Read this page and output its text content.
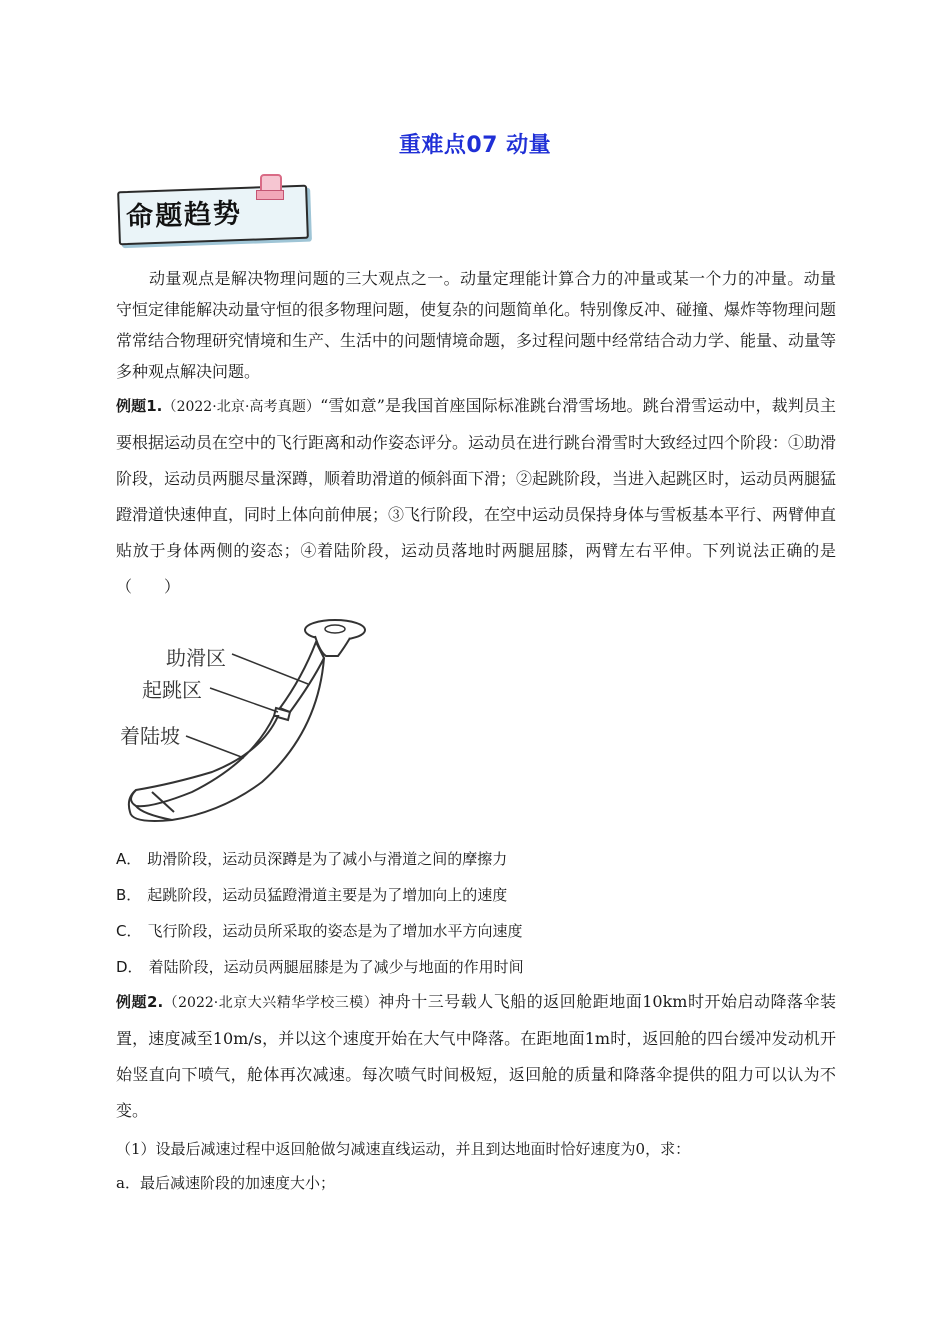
重难点07 动量
命题趋势
动量观点是解决物理问题的三大观点之一。动量定理能计算合力的冲量或某一个力的冲量。动量守恒定律能解决动量守恒的很多物理问题，使复杂的问题简单化。特别像反冲、碰撞、爆炸等物理问题常常结合物理研究情境和生产、生活中的问题情境命题，多过程问题中经常结合动力学、能量、动量等多种观点解决问题。
例题1.（2022·北京·高考真题）“雪如意”是我国首座国际标准跳台滑雪场地。跳台滑雪运动中，裁判员主要根据运动员在空中的飞行距离和动作姿态评分。运动员在进行跳台滑雪时大致经过四个阶段：①助滑阶段，运动员两腿尽量深蹲，顺着助滑道的倾斜面下滑；②起跳阶段，当进入起跳区时，运动员两腿猛蹬滑道快速伸直，同时上体向前伸展；③飞行阶段，在空中运动员保持身体与雪板基本平行、两臂伸直贴放于身体两侧的姿态；④着陆阶段，运动员落地时两腿屈膝，两臂左右平伸。下列说法正确的是（　　）
助滑区
起跳区
着陆坡
A． 助滑阶段，运动员深蹲是为了减小与滑道之间的摩擦力
B． 起跳阶段，运动员猛蹬滑道主要是为了增加向上的速度
C． 飞行阶段，运动员所采取的姿态是为了增加水平方向速度
D． 着陆阶段，运动员两腿屈膝是为了减少与地面的作用时间
例题2.（2022·北京大兴精华学校三模）神舟十三号载人飞船的返回舱距地面10km时开始启动降落伞装置，速度减至10m/s，并以这个速度开始在大气中降落。在距地面1m时，返回舱的四台缓冲发动机开始竖直向下喷气，舱体再次减速。每次喷气时间极短，返回舱的质量和降落伞提供的阻力可以认为不变。
（1）设最后减速过程中返回舱做匀减速直线运动，并且到达地面时恰好速度为0，求：
a．最后减速阶段的加速度大小；
